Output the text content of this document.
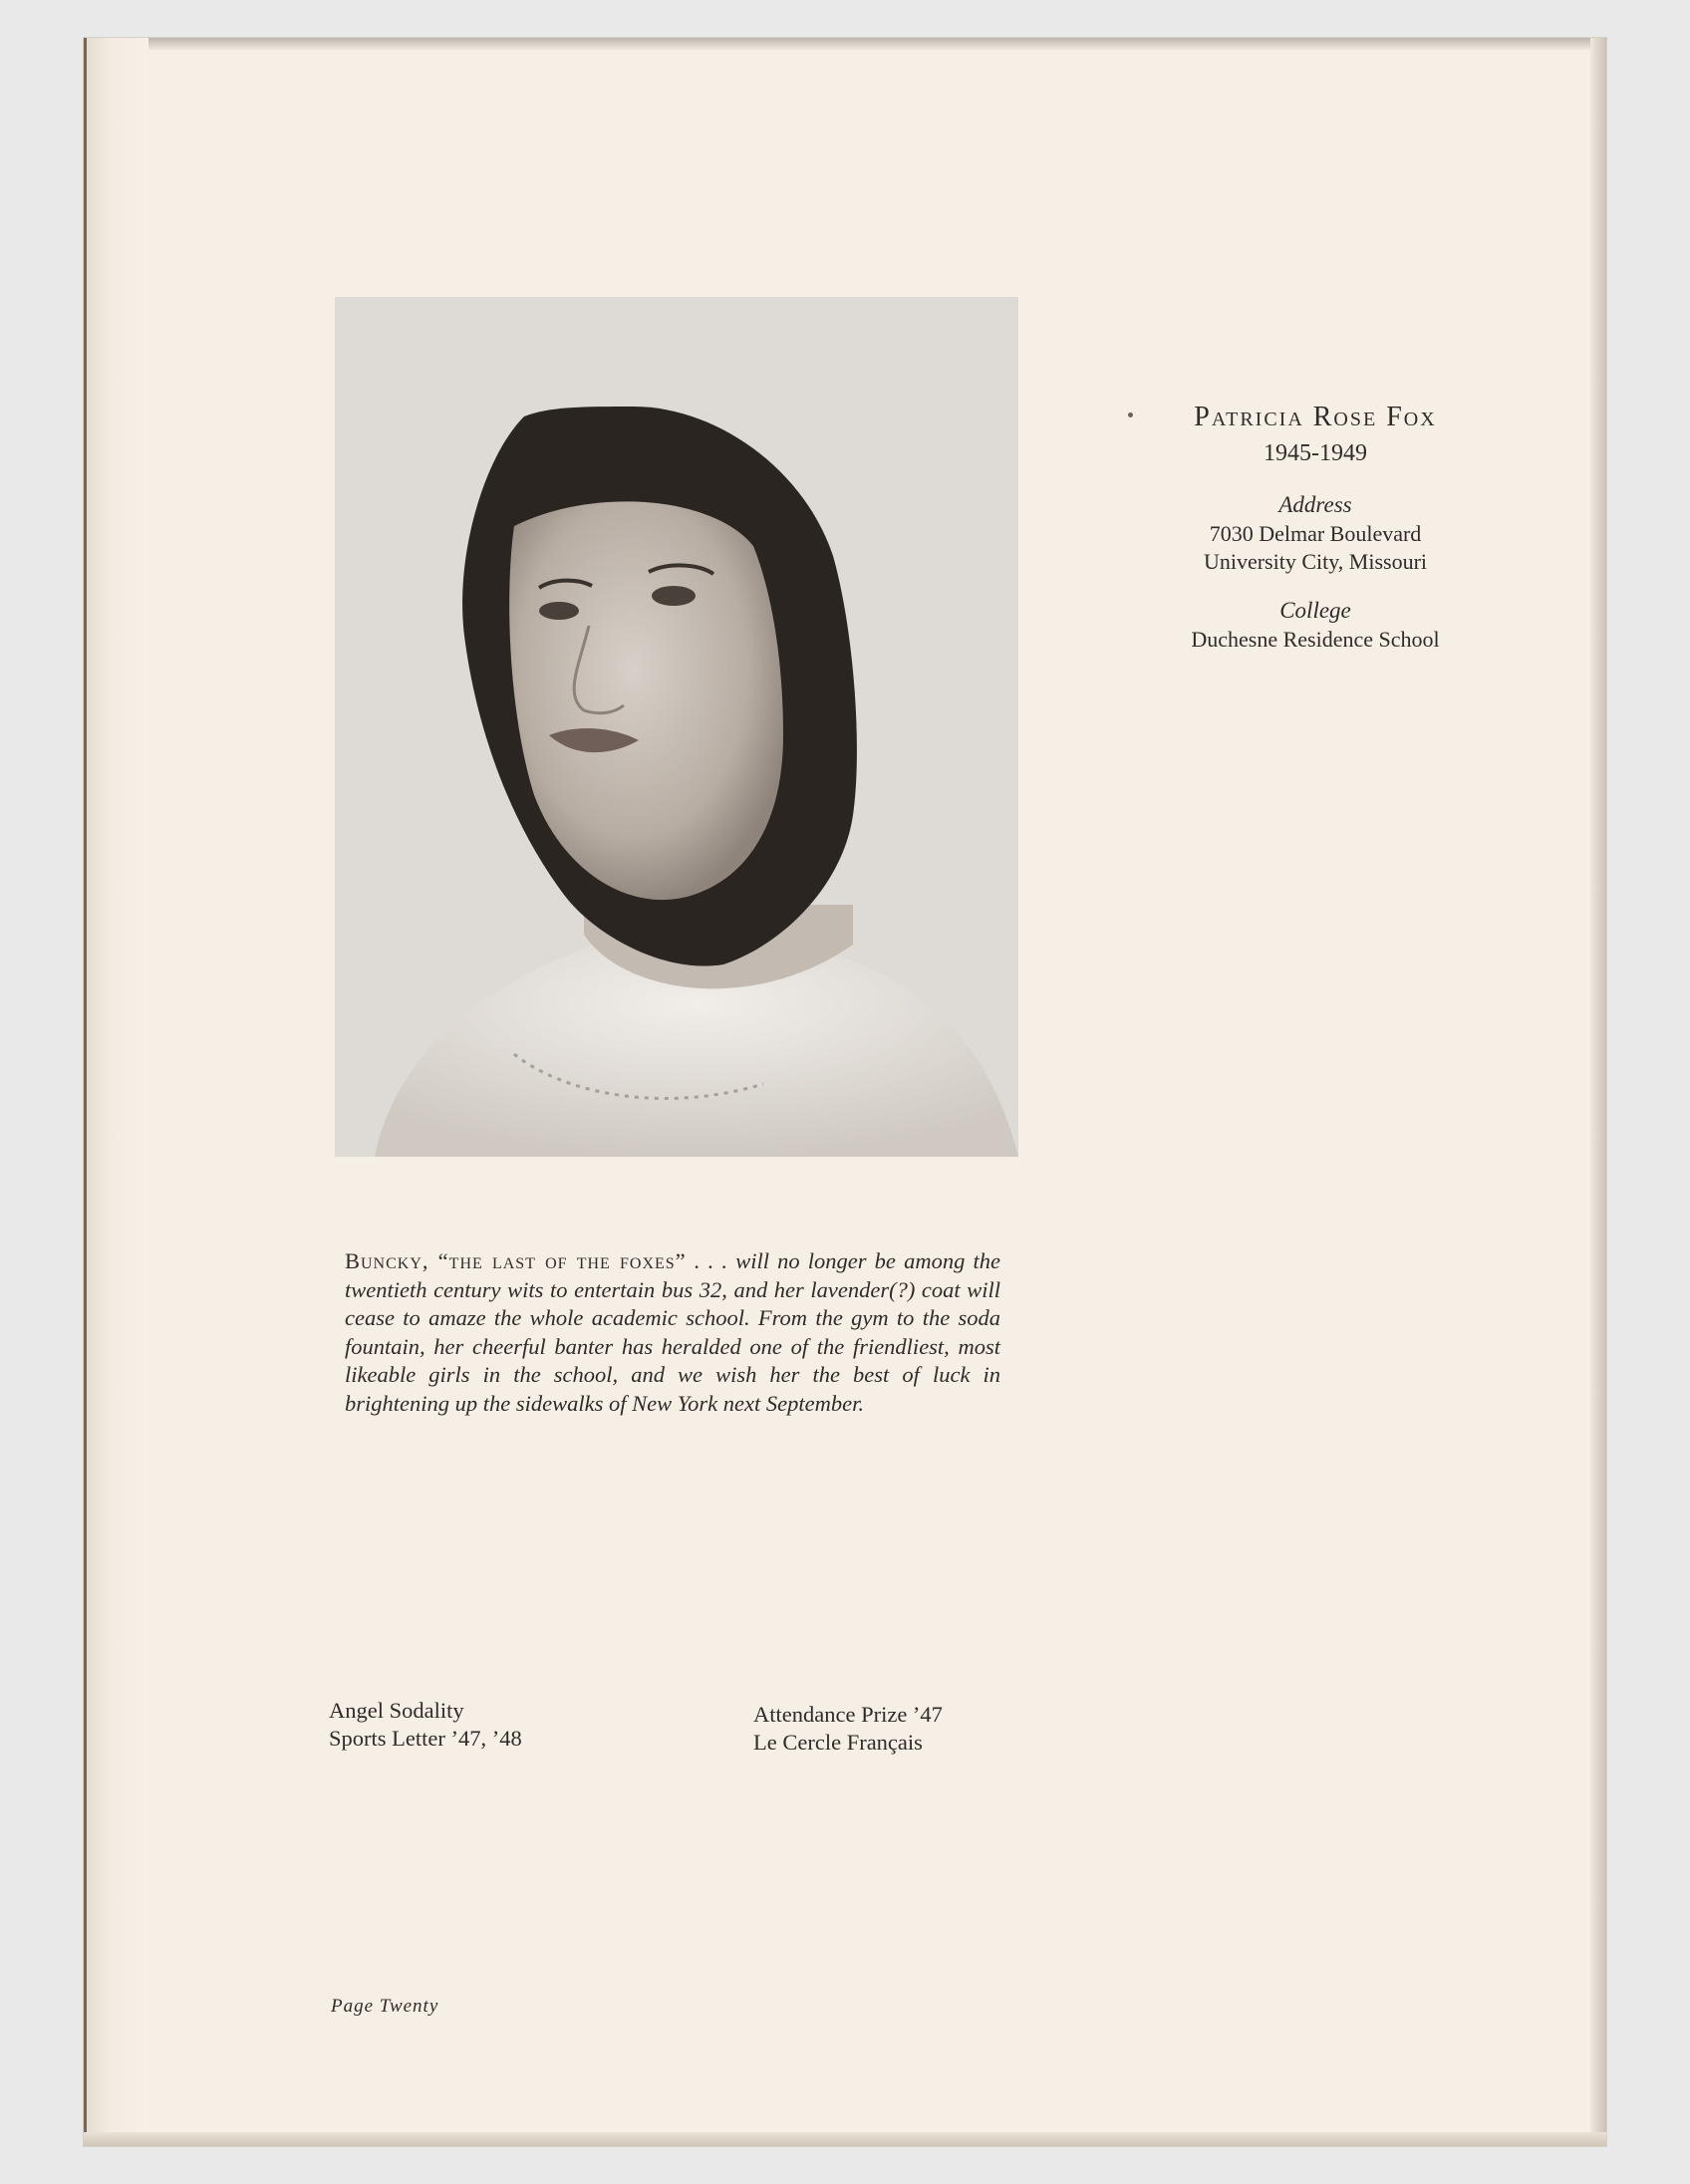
Patricia Rose Fox

1945-1949

Address
7030 Delmar Boulevard
University City, Missouri
College
Duchesne Residence School
Buncky, “the last of the foxes” . . . will no longer be among the twentieth century wits to entertain bus 32, and her lavender(?) coat will cease to amaze the whole academic school. From the gym to the soda fountain, her cheerful banter has heralded one of the friendliest, most likeable girls in the school, and we wish her the best of luck in brightening up the sidewalks of New York next September.
Angel Sodality
Sports Letter ’47, ’48
Attendance Prize ’47
Le Cercle Français
Page Twenty
